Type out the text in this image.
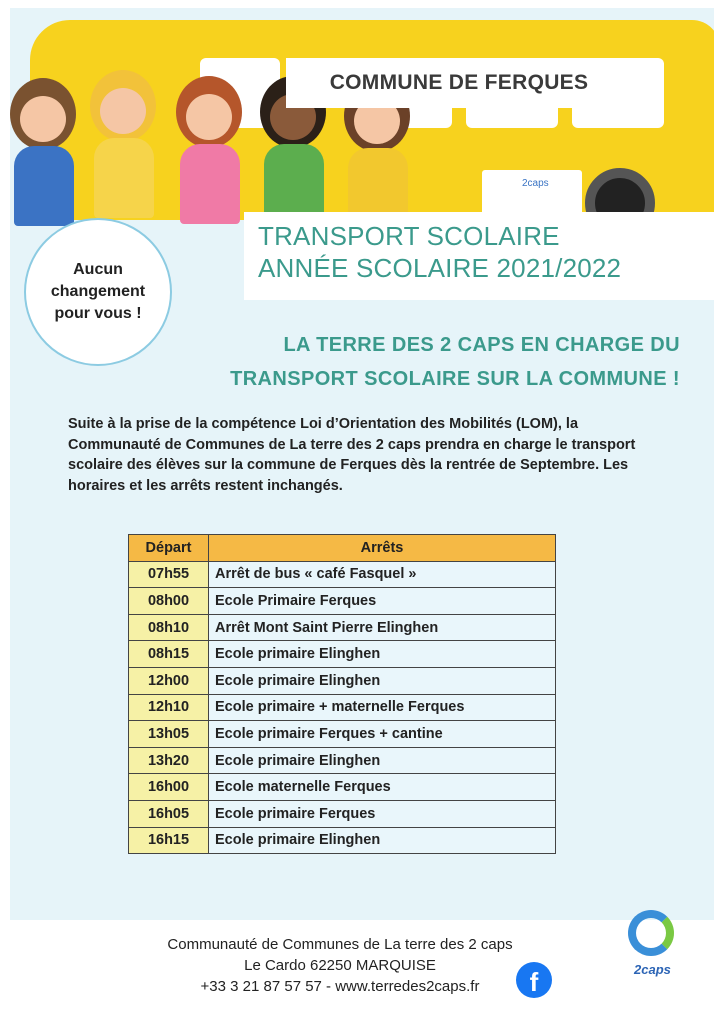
2caps
COMMUNE DE FERQUES
TRANSPORT SCOLAIRE
ANNÉE SCOLAIRE 2021/2022
Aucun
changement
pour vous !
LA TERRE DES 2 CAPS EN CHARGE DU
TRANSPORT SCOLAIRE SUR LA COMMUNE !

Suite à la prise de la compétence Loi d’Orientation des Mobilités (LOM), la Communauté de Communes de La terre des 2 caps prendra en charge le transport scolaire des élèves sur la commune de Ferques dès la rentrée de Septembre. Les horaires et les arrêts restent inchangés.

Départ	Arrêts
07h55	Arrêt de bus « café Fasquel »
08h00	Ecole Primaire Ferques
08h10	Arrêt Mont Saint Pierre Elinghen
08h15	Ecole primaire Elinghen
12h00	Ecole primaire Elinghen
12h10	Ecole primaire + maternelle Ferques
13h05	Ecole primaire Ferques + cantine
13h20	Ecole primaire Elinghen
16h00	Ecole maternelle Ferques
16h05	Ecole primaire Ferques
16h15	Ecole primaire Elinghen
Communauté de Communes de La terre des 2 caps
Le Cardo 62250 MARQUISE
+33 3 21 87 57 57 - www.terredes2caps.fr	f	2caps
